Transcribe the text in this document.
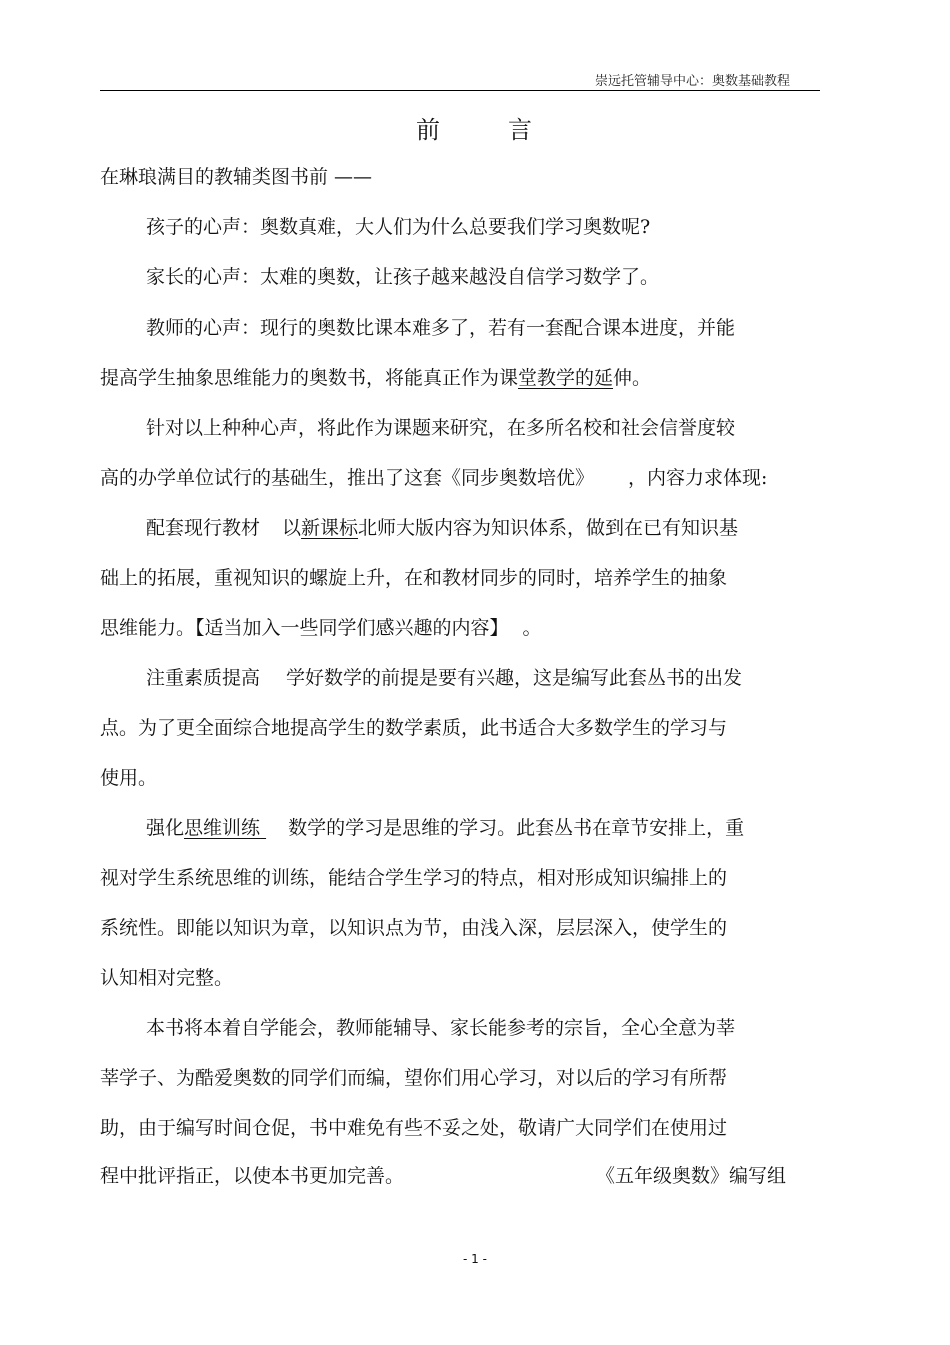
崇远托管辅导中心：奥数基础教程
前	言
在琳琅满目的教辅类图书前 ——
孩子的心声：奥数真难，大人们为什么总要我们学习奥数呢?
家长的心声：太难的奥数，让孩子越来越没自信学习数学了。
教师的心声：现行的奥数比课本难多了，若有一套配合课本进度，并能
提高学生抽象思维能力的奥数书，将能真正作为课堂教学的延伸。
针对以上种种心声，将此作为课题来研究，在多所名校和社会信誉度较
高的办学单位试行的基础生，推出了这套《同步奥数培优》 ，内容力求体现:
配套现行教材 以新课标北师大版内容为知识体系，做到在已有知识基
础上的拓展，重视知识的螺旋上升，在和教材同步的同时，培养学生的抽象
思维能力。【适当加入一些同学们感兴趣的内容】 。
注重素质提高 学好数学的前提是要有兴趣，这是编写此套丛书的出发
点。为了更全面综合地提高学生的数学素质，此书适合大多数学生的学习与
使用。
强化思维训练 数学的学习是思维的学习。此套丛书在章节安排上，重
视对学生系统思维的训练，能结合学生学习的特点，相对形成知识编排上的
系统性。即能以知识为章，以知识点为节，由浅入深，层层深入，使学生的
认知相对完整。
本书将本着自学能会，教师能辅导、家长能参考的宗旨，全心全意为莘
莘学子、为酷爱奥数的同学们而编，望你们用心学习，对以后的学习有所帮
助，由于编写时间仓促，书中难免有些不妥之处，敬请广大同学们在使用过
程中批评指正，以使本书更加完善。	《五年级奥数》编写组
- 1 -
